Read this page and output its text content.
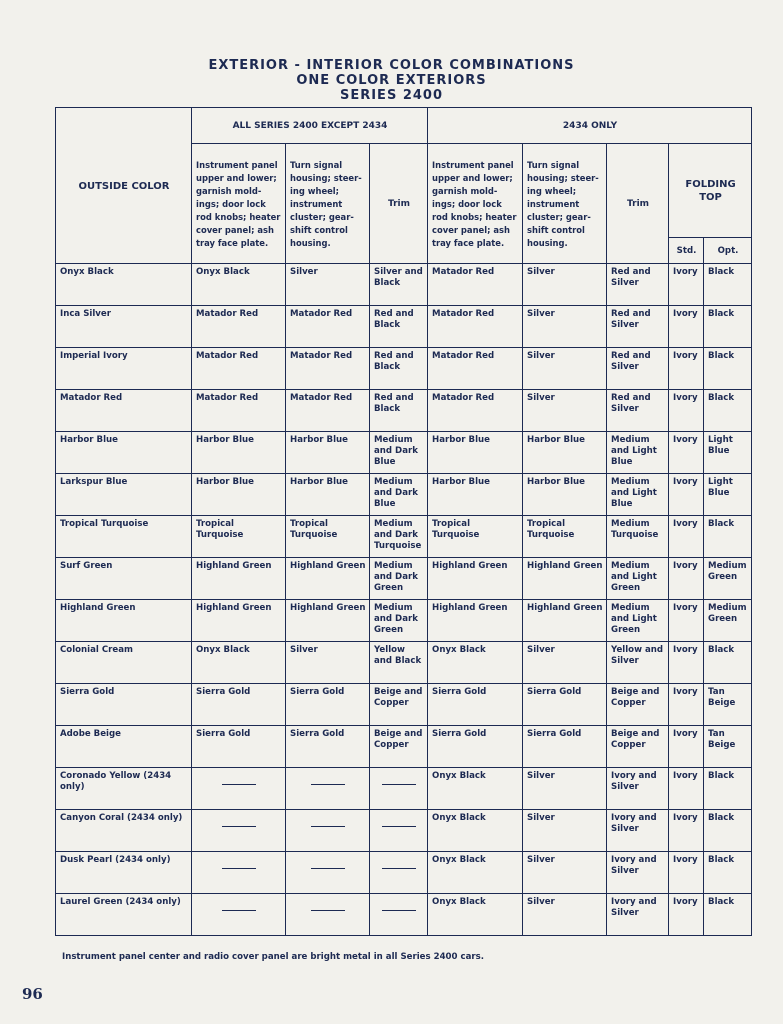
EXTERIOR - INTERIOR COLOR COMBINATIONS
ONE COLOR EXTERIORS
SERIES 2400
OUTSIDE COLOR	ALL SERIES 2400 EXCEPT 2434			2434 ONLY				
	Instrument panel upper and lower; garnish mold-ings; door lock rod knobs; heater cover panel; ash tray face plate.	Turn signal housing; steer-ing wheel; instrument cluster; gear-shift control housing.	Trim	Instrument panel upper and lower; garnish mold-ings; door lock rod knobs; heater cover panel; ash tray face plate.	Turn signal housing; steer-ing wheel; instrument cluster; gear-shift control housing.	Trim	FOLDING TOP	
							Std.	Opt.
Onyx Black	Onyx Black	Silver	Silver and Black	Matador Red	Silver	Red and Silver	Ivory	Black
Inca Silver	Matador Red	Matador Red	Red and Black	Matador Red	Silver	Red and Silver	Ivory	Black
Imperial Ivory	Matador Red	Matador Red	Red and Black	Matador Red	Silver	Red and Silver	Ivory	Black
Matador Red	Matador Red	Matador Red	Red and Black	Matador Red	Silver	Red and Silver	Ivory	Black
Harbor Blue	Harbor Blue	Harbor Blue	Medium and Dark Blue	Harbor Blue	Harbor Blue	Medium and Light Blue	Ivory	Light Blue
Larkspur Blue	Harbor Blue	Harbor Blue	Medium and Dark Blue	Harbor Blue	Harbor Blue	Medium and Light Blue	Ivory	Light Blue
Tropical Turquoise	Tropical Turquoise	Tropical Turquoise	Medium and Dark Turquoise	Tropical Turquoise	Tropical Turquoise	Medium Turquoise	Ivory	Black
Surf Green	Highland Green	Highland Green	Medium and Dark Green	Highland Green	Highland Green	Medium and Light Green	Ivory	Medium Green
Highland Green	Highland Green	Highland Green	Medium and Dark Green	Highland Green	Highland Green	Medium and Light Green	Ivory	Medium Green
Colonial Cream	Onyx Black	Silver	Yellow and Black	Onyx Black	Silver	Yellow and Silver	Ivory	Black
Sierra Gold	Sierra Gold	Sierra Gold	Beige and Copper	Sierra Gold	Sierra Gold	Beige and Copper	Ivory	Tan Beige
Adobe Beige	Sierra Gold	Sierra Gold	Beige and Copper	Sierra Gold	Sierra Gold	Beige and Copper	Ivory	Tan Beige
Coronado Yellow (2434 only)				Onyx Black	Silver	Ivory and Silver	Ivory	Black
Canyon Coral (2434 only)				Onyx Black	Silver	Ivory and Silver	Ivory	Black
Dusk Pearl (2434 only)				Onyx Black	Silver	Ivory and Silver	Ivory	Black
Laurel Green (2434 only)				Onyx Black	Silver	Ivory and Silver	Ivory	Black
Instrument panel center and radio cover panel are bright metal in all Series 2400 cars.
96
